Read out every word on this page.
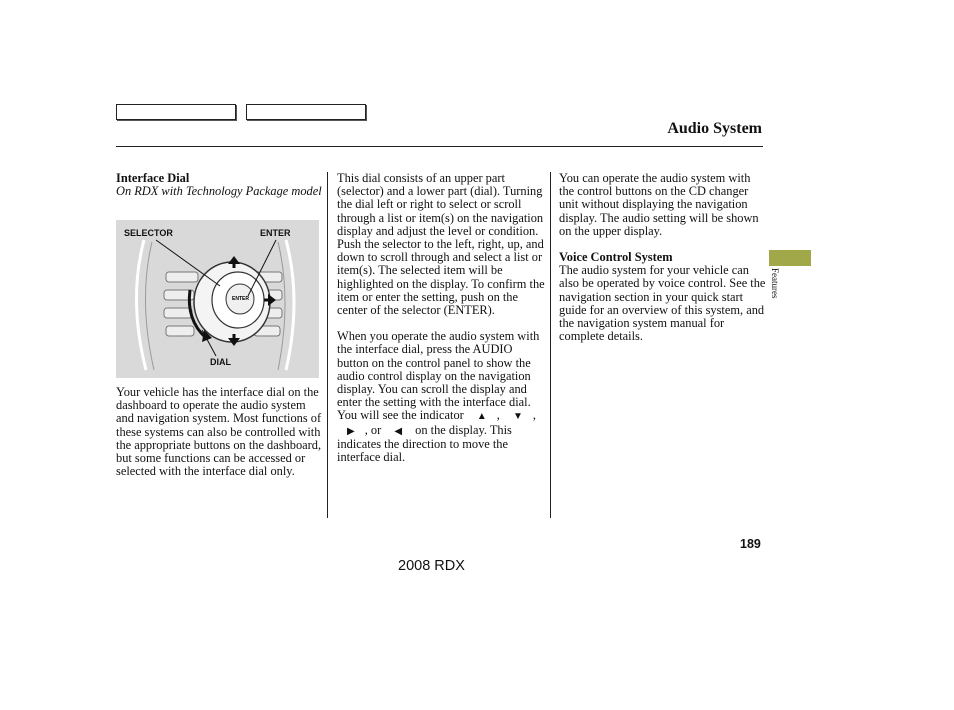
Audio System

Interface Dial

On RDX with Technology Package model

Your vehicle has the interface dial on the dashboard to operate the audio system and navigation system. Most functions of these systems can also be controlled with the appropriate buttons on the dashboard, but some functions can be accessed or selected with the interface dial only.

ENTER
SELECTOR	ENTER
DIAL

This dial consists of an upper part (selector) and a lower part (dial). Turning the dial left or right to select or scroll through a list or item(s) on the navigation display and adjust the level or condition. Push the selector to the left, right, up, and down to scroll through and select a list or item(s). The selected item will be highlighted on the display. To confirm the item or enter the setting, push on the center of the selector (ENTER).

When you operate the audio system with the interface dial, press the AUDIO button on the control panel to show the audio control display on the navigation display. You can scroll the display and enter the setting with the interface dial. You will see the indicator ▲ , ▼ , ▶ , or ◀ on the display. This indicates the direction to move the interface dial.

You can operate the audio system with the control buttons on the CD changer unit without displaying the navigation display. The audio setting will be shown on the upper display.

Voice Control System

The audio system for your vehicle can also be operated by voice control. See the navigation section in your quick start guide for an overview of this system, and the navigation system manual for complete details.

Features
189
2008 RDX
